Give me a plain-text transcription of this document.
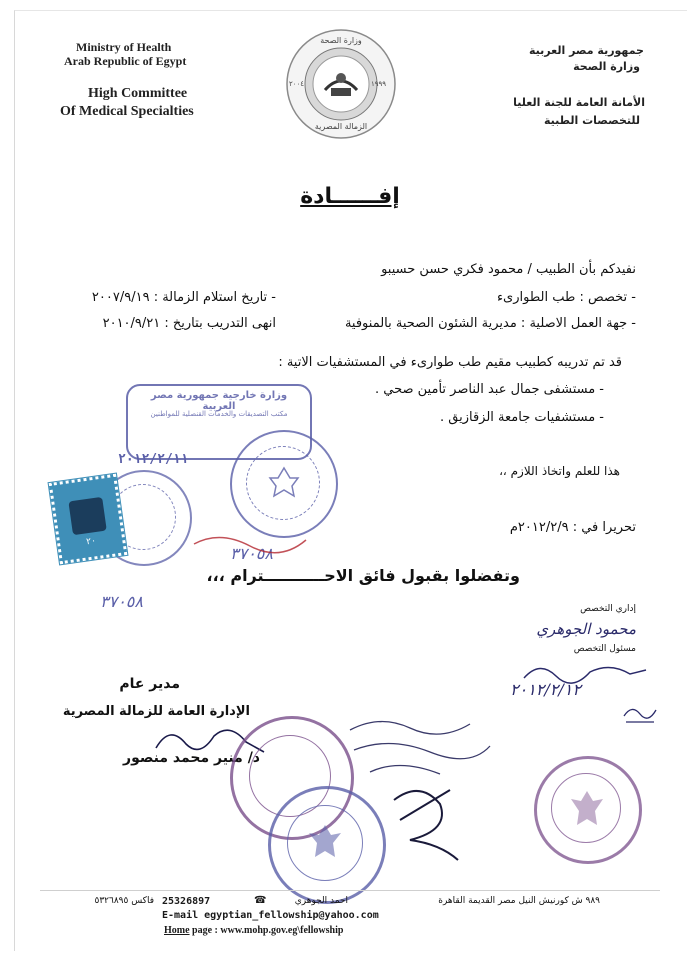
Ministry of Health
Arab Republic of Egypt
High Committee
Of Medical Specialties
جمهورية مصر العربية
وزارة الصحة
الأمانة العامة للجنة العليا
للتخصصات الطبية
وزارة الصحة
الزمالة المصرية
٢٠٠٤	١٩٩٩
إفــــــادة
نفيدكم بأن الطبيب / محمود فكري حسن حسيبو
- تخصص : طب الطوارىء
- تاريخ استلام الزمالة : ٢٠٠٧/٩/١٩
- جهة العمل الاصلية : مديرية الشئون الصحية بالمنوفية
انهى التدريب بتاريخ : ٢٠١٠/٩/٢١
قد تم تدريبه كطبيب مقيم طب طوارىء في المستشفيات الاتية :
- مستشفى جمال عبد الناصر تأمين صحي .
- مستشفيات جامعة الزقازيق .
هذا للعلم واتخاذ اللازم ،،
تحريرا في : ٢٠١٢/٢/٩م
وتفضلوا بقبول فائق الاحـــــــــــترام ،،،
وزارة خارجية جمهورية مصر العربية
مكتب التصديقات والخدمات القنصلية للمواطنين
٢٠١٢/٢/١١
٢٠
٣٧٠٥٨
٣٧٠٥٨	إداري التخصص
محمود الجوهري
مسئول التخصص
٢٠١٢/٢/١٢
مدير عام
الإدارة العامة للزمالة المصرية
د/ منير محمد منصور
٩٨٩ ش كورنيش النيل مصر القديمة القاهرة
احمد الجوهري
☎
25326897
فاكس ٥٣٢٦٨٩٥
E-mail egyptian_fellowship@yahoo.com
Home page : www.mohp.gov.eg\fellowship
